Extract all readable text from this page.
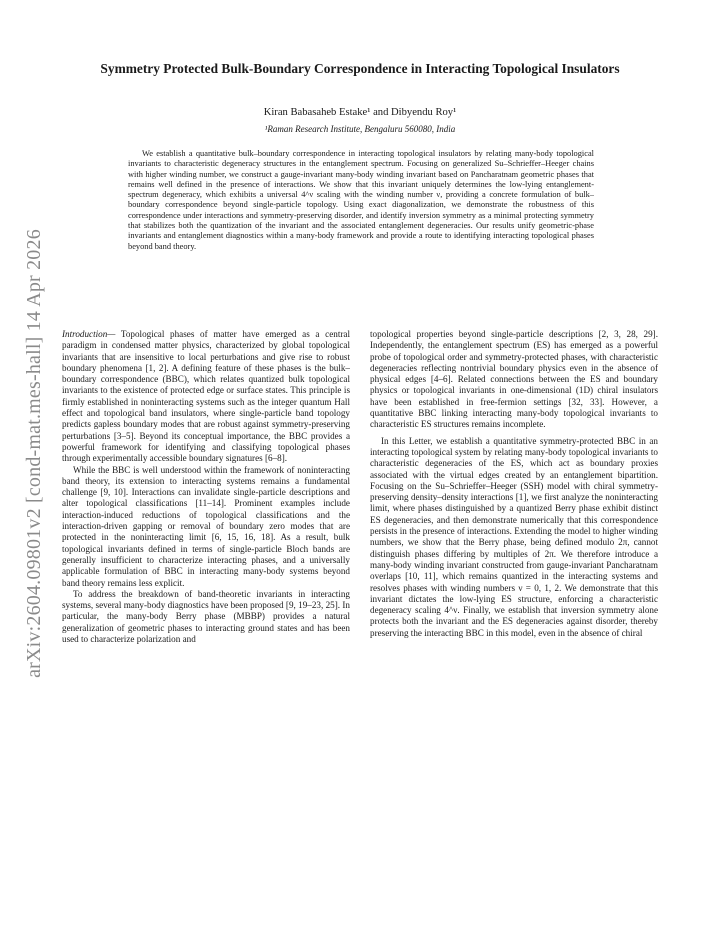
arXiv:2604.09801v2 [cond-mat.mes-hall] 14 Apr 2026
Symmetry Protected Bulk-Boundary Correspondence in Interacting Topological Insulators
Kiran Babasaheb Estake¹ and Dibyendu Roy¹
¹Raman Research Institute, Bengaluru 560080, India

We establish a quantitative bulk–boundary correspondence in interacting topological insulators by relating many-body topological invariants to characteristic degeneracy structures in the entanglement spectrum. Focusing on generalized Su–Schrieffer–Heeger chains with higher winding number, we construct a gauge-invariant many-body winding invariant based on Pancharatnam geometric phases that remains well defined in the presence of interactions. We show that this invariant uniquely determines the low-lying entanglement-spectrum degeneracy, which exhibits a universal 4^ν scaling with the winding number ν, providing a concrete formulation of bulk–boundary correspondence beyond single-particle topology. Using exact diagonalization, we demonstrate the robustness of this correspondence under interactions and symmetry-preserving disorder, and identify inversion symmetry as a minimal protecting symmetry that stabilizes both the quantization of the invariant and the associated entanglement degeneracies. Our results unify geometric-phase invariants and entanglement diagnostics within a many-body framework and provide a route to identifying interacting topological phases beyond band theory.

Introduction— Topological phases of matter have emerged as a central paradigm in condensed matter physics, characterized by global topological invariants that are insensitive to local perturbations and give rise to robust boundary phenomena [1, 2]. A defining feature of these phases is the bulk–boundary correspondence (BBC), which relates quantized bulk topological invariants to the existence of protected edge or surface states. This principle is firmly established in noninteracting systems such as the integer quantum Hall effect and topological band insulators, where single-particle band topology predicts gapless boundary modes that are robust against symmetry-preserving perturbations [3–5]. Beyond its conceptual importance, the BBC provides a powerful framework for identifying and classifying topological phases through experimentally accessible boundary signatures [6–8].

While the BBC is well understood within the framework of noninteracting band theory, its extension to interacting systems remains a fundamental challenge [9, 10]. Interactions can invalidate single-particle descriptions and alter topological classifications [11–14]. Prominent examples include interaction-induced reductions of topological classifications and the interaction-driven gapping or removal of boundary zero modes that are protected in the noninteracting limit [6, 15, 16, 18]. As a result, bulk topological invariants defined in terms of single-particle Bloch bands are generally insufficient to characterize interacting phases, and a universally applicable formulation of BBC in interacting many-body systems beyond band theory remains less explicit.

To address the breakdown of band-theoretic invariants in interacting systems, several many-body diagnostics have been proposed [9, 19–23, 25]. In particular, the many-body Berry phase (MBBP) provides a natural generalization of geometric phases to interacting ground states and has been used to characterize polarization and

topological properties beyond single-particle descriptions [2, 3, 28, 29]. Independently, the entanglement spectrum (ES) has emerged as a powerful probe of topological order and symmetry-protected phases, with characteristic degeneracies reflecting nontrivial boundary physics even in the absence of physical edges [4–6]. Related connections between the ES and boundary physics or topological invariants in one-dimensional (1D) chiral insulators have been established in free-fermion settings [32, 33]. However, a quantitative BBC linking interacting many-body topological invariants to characteristic ES structures remains incomplete.

In this Letter, we establish a quantitative symmetry-protected BBC in an interacting topological system by relating many-body topological invariants to characteristic degeneracies of the ES, which act as boundary proxies associated with the virtual edges created by an entanglement bipartition. Focusing on the Su–Schrieffer–Heeger (SSH) model with chiral symmetry-preserving density–density interactions [1], we first analyze the noninteracting limit, where phases distinguished by a quantized Berry phase exhibit distinct ES degeneracies, and then demonstrate numerically that this correspondence persists in the presence of interactions. Extending the model to higher winding numbers, we show that the Berry phase, being defined modulo 2π, cannot distinguish phases differing by multiples of 2π. We therefore introduce a many-body winding invariant constructed from gauge-invariant Pancharatnam overlaps [10, 11], which remains quantized in the interacting systems and resolves phases with winding numbers ν = 0, 1, 2. We demonstrate that this invariant dictates the low-lying ES structure, enforcing a characteristic degeneracy scaling 4^ν. Finally, we establish that inversion symmetry alone protects both the invariant and the ES degeneracies against disorder, thereby preserving the interacting BBC in this model, even in the absence of chiral
